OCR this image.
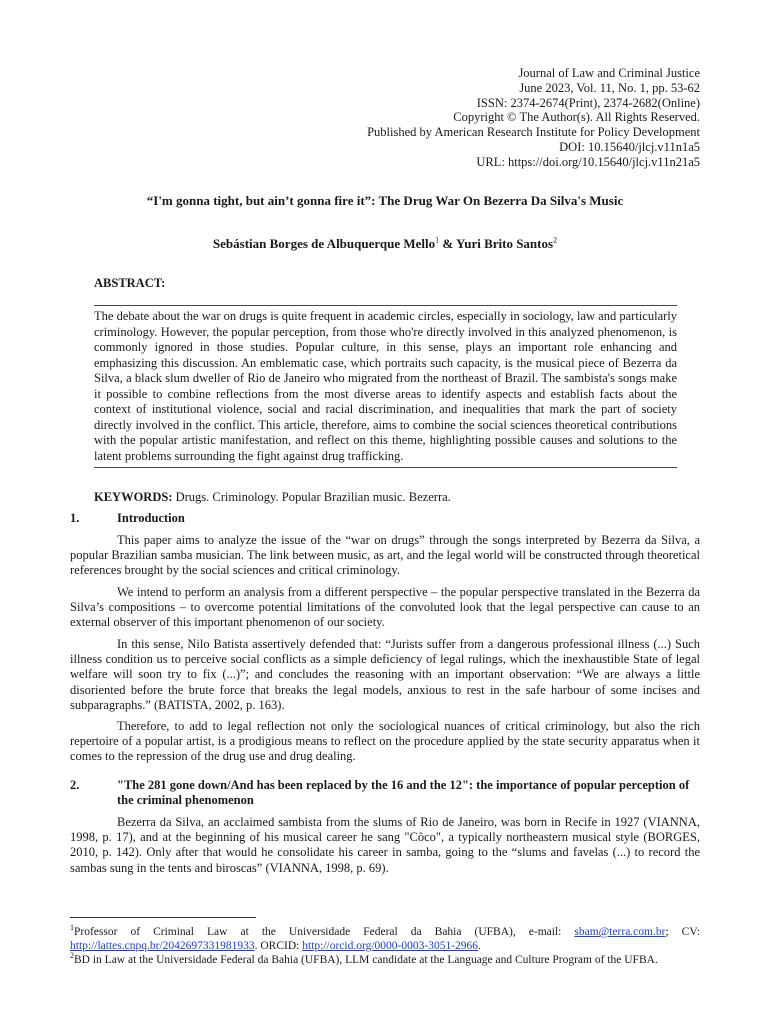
Journal of Law and Criminal Justice
June 2023, Vol. 11, No. 1, pp. 53-62
ISSN: 2374-2674(Print), 2374-2682(Online)
Copyright © The Author(s). All Rights Reserved.
Published by American Research Institute for Policy Development
DOI: 10.15640/jlcj.v11n1a5
URL: https://doi.org/10.15640/jlcj.v11n21a5
“I'm gonna tight, but ain’t gonna fire it”: The Drug War On Bezerra Da Silva's Music
Sebástian Borges de Albuquerque Mello$^1$ & Yuri Brito Santos$^2$
ABSTRACT:
The debate about the war on drugs is quite frequent in academic circles, especially in sociology, law and particularly criminology. However, the popular perception, from those who're directly involved in this analyzed phenomenon, is commonly ignored in those studies. Popular culture, in this sense, plays an important role enhancing and emphasizing this discussion. An emblematic case, which portraits such capacity, is the musical piece of Bezerra da Silva, a black slum dweller of Rio de Janeiro who migrated from the northeast of Brazil. The sambista's songs make it possible to combine reflections from the most diverse areas to identify aspects and establish facts about the context of institutional violence, social and racial discrimination, and inequalities that mark the part of society directly involved in the conflict. This article, therefore, aims to combine the social sciences theoretical contributions with the popular artistic manifestation, and reflect on this theme, highlighting possible causes and solutions to the latent problems surrounding the fight against drug trafficking.
KEYWORDS: Drugs. Criminology. Popular Brazilian music. Bezerra.
1.	Introduction
This paper aims to analyze the issue of the “war on drugs” through the songs interpreted by Bezerra da Silva, a popular Brazilian samba musician. The link between music, as art, and the legal world will be constructed through theoretical references brought by the social sciences and critical criminology.
We intend to perform an analysis from a different perspective – the popular perspective translated in the Bezerra da Silva’s compositions – to overcome potential limitations of the convoluted look that the legal perspective can cause to an external observer of this important phenomenon of our society.
In this sense, Nilo Batista assertively defended that: “Jurists suffer from a dangerous professional illness (...) Such illness condition us to perceive social conflicts as a simple deficiency of legal rulings, which the inexhaustible State of legal welfare will soon try to fix (...)”; and concludes the reasoning with an important observation: “We are always a little disoriented before the brute force that breaks the legal models, anxious to rest in the safe harbour of some incises and subparagraphs.” (BATISTA, 2002, p. 163).
Therefore, to add to legal reflection not only the sociological nuances of critical criminology, but also the rich repertoire of a popular artist, is a prodigious means to reflect on the procedure applied by the state security apparatus when it comes to the repression of the drug use and drug dealing.
2.	"The 281 gone down/And has been replaced by the 16 and the 12": the importance of popular perception of the criminal phenomenon
Bezerra da Silva, an acclaimed sambista from the slums of Rio de Janeiro, was born in Recife in 1927 (VIANNA, 1998, p. 17), and at the beginning of his musical career he sang "Côco", a typically northeastern musical style (BORGES, 2010, p. 142). Only after that would he consolidate his career in samba, going to the “slums and favelas (...) to record the sambas sung in the tents and biroscas” (VIANNA, 1998, p. 69).
$^1$Professor of Criminal Law at the Universidade Federal da Bahia (UFBA), e-mail: sbam@terra.com.br; CV: http://lattes.cnpq.br/2042697331981933. ORCID: http://orcid.org/0000-0003-3051-2966.
$^2$BD in Law at the Universidade Federal da Bahia (UFBA), LLM candidate at the Language and Culture Program of the UFBA.
